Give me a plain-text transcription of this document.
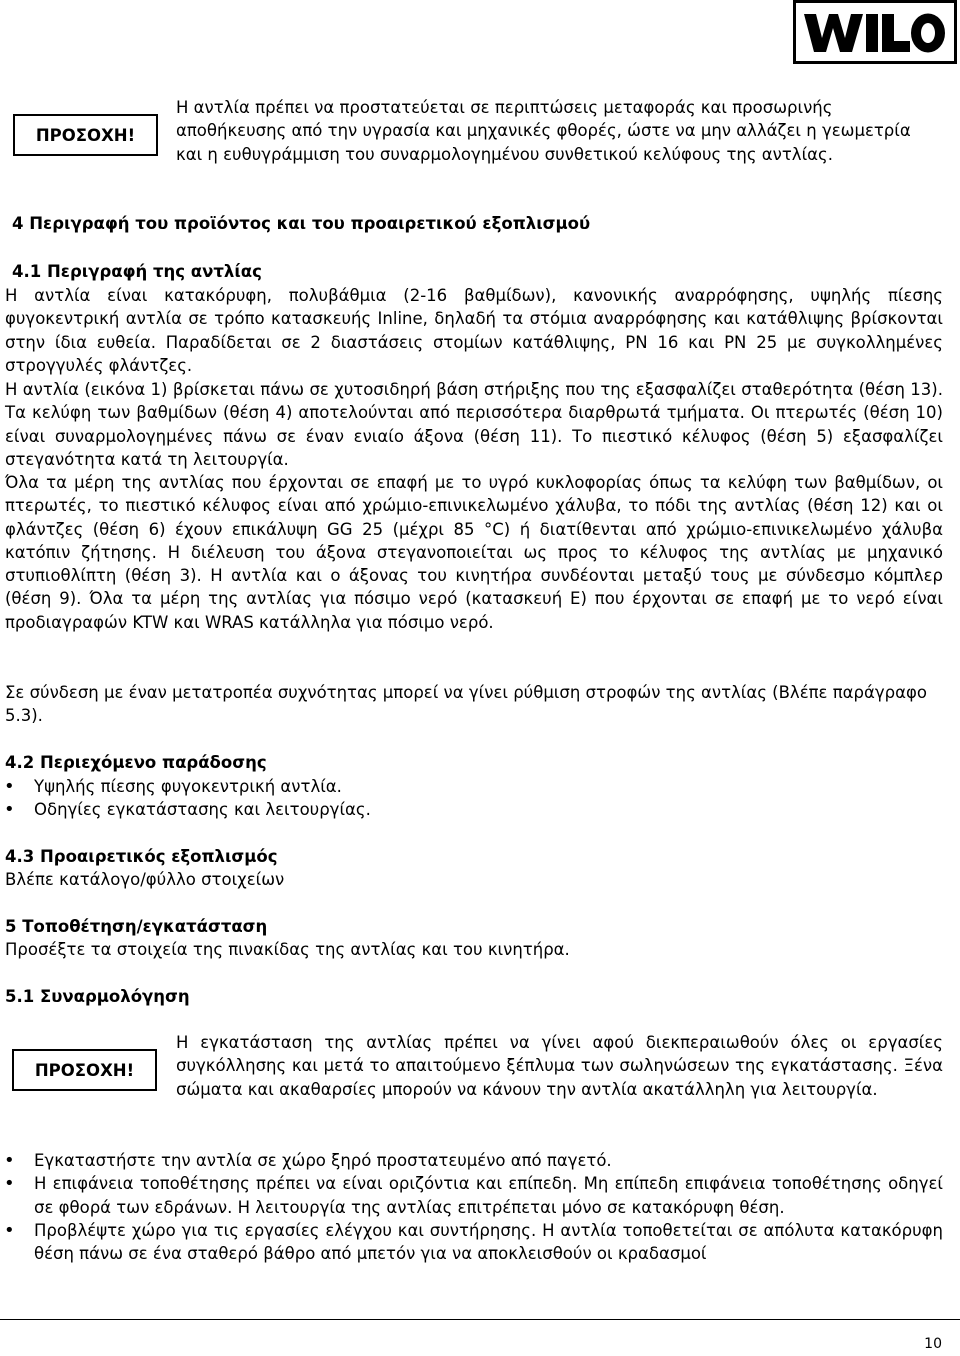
ΠΡΟΣΟΧΗ!
Η αντλία πρέπει να προστατεύεται σε περιπτώσεις μεταφοράς και προσωρινής αποθήκευσης από την υγρασία και μηχανικές φθορές, ώστε να μην αλλάζει η γεωμετρία και η ευθυγράμμιση του συναρμολογημένου συνθετικού κελύφους της αντλίας.
4 Περιγραφή του προϊόντος και του προαιρετικού εξοπλισμού
4.1 Περιγραφή της αντλίας
Η αντλία είναι κατακόρυφη, πολυβάθμια (2-16 βαθμίδων), κανονικής αναρρόφησης, υψηλής πίεσης φυγοκεντρική αντλία σε τρόπο κατασκευής Inline, δηλαδή τα στόμια αναρρόφησης και κατάθλιψης βρίσκονται στην ίδια ευθεία. Παραδίδεται σε 2 διαστάσεις στομίων κατάθλιψης, PN 16 και PN 25 με συγκολλημένες στρογγυλές φλάντζες.
Η αντλία (εικόνα 1) βρίσκεται πάνω σε χυτοσιδηρή βάση στήριξης που της εξασφαλίζει σταθερότητα (θέση 13). Τα κελύφη των βαθμίδων (θέση 4) αποτελούνται από περισσότερα διαρθρωτά τμήματα. Οι πτερωτές (θέση 10) είναι συναρμολογημένες πάνω σε έναν ενιαίο άξονα (θέση 11). Το πιεστικό κέλυφος (θέση 5) εξασφαλίζει στεγανότητα κατά τη λειτουργία.
Όλα τα μέρη της αντλίας που έρχονται σε επαφή με το υγρό κυκλοφορίας όπως τα κελύφη των βαθμίδων, οι πτερωτές, το πιεστικό κέλυφος είναι από χρώμιο-επινικελωμένο χάλυβα, το πόδι της αντλίας (θέση 12) και οι φλάντζες (θέση 6) έχουν επικάλυψη GG 25 (μέχρι 85 °C) ή διατίθενται από χρώμιο-επινικελωμένο χάλυβα κατόπιν ζήτησης. Η διέλευση του άξονα στεγανοποιείται ως προς το κέλυφος της αντλίας με μηχανικό στυπιοθλίπτη (θέση 3). Η αντλία και ο άξονας του κινητήρα συνδέονται μεταξύ τους με σύνδεσμο κόμπλερ (θέση 9). Όλα τα μέρη της αντλίας για πόσιμο νερό (κατασκευή Ε) που έρχονται σε επαφή με το νερό είναι προδιαγραφών KTW και WRAS κατάλληλα για πόσιμο νερό.
Σε σύνδεση με έναν μετατροπέα συχνότητας μπορεί να γίνει ρύθμιση στροφών της αντλίας (Βλέπε παράγραφο 5.3).
4.2 Περιεχόμενο παράδοσης
• Υψηλής πίεσης φυγοκεντρική αντλία.
• Οδηγίες εγκατάστασης και λειτουργίας.
4.3 Προαιρετικός εξοπλισμός
Βλέπε κατάλογο/φύλλο στοιχείων
5 Τοποθέτηση/εγκατάσταση
Προσέξτε τα στοιχεία της πινακίδας της αντλίας και του κινητήρα.
5.1 Συναρμολόγηση
ΠΡΟΣΟΧΗ!
Η εγκατάσταση της αντλίας πρέπει να γίνει αφού διεκπεραιωθούν όλες οι εργασίες συγκόλλησης και μετά το απαιτούμενο ξέπλυμα των σωληνώσεων της εγκατάστασης. Ξένα σώματα και ακαθαρσίες μπορούν να κάνουν την αντλία ακατάλληλη για λειτουργία.
• Εγκαταστήστε την αντλία σε χώρο ξηρό προστατευμένο από παγετό.
• Η επιφάνεια τοποθέτησης πρέπει να είναι οριζόντια και επίπεδη. Μη επίπεδη επιφάνεια τοποθέτησης οδηγεί σε φθορά των εδράνων. Η λειτουργία της αντλίας επιτρέπεται μόνο σε κατακόρυφη θέση.
• Προβλέψτε χώρο για τις εργασίες ελέγχου και συντήρησης. Η αντλία τοποθετείται σε απόλυτα κατακόρυφη θέση πάνω σε ένα σταθερό βάθρο από μπετόν για να αποκλεισθούν οι κραδασμοί
10
